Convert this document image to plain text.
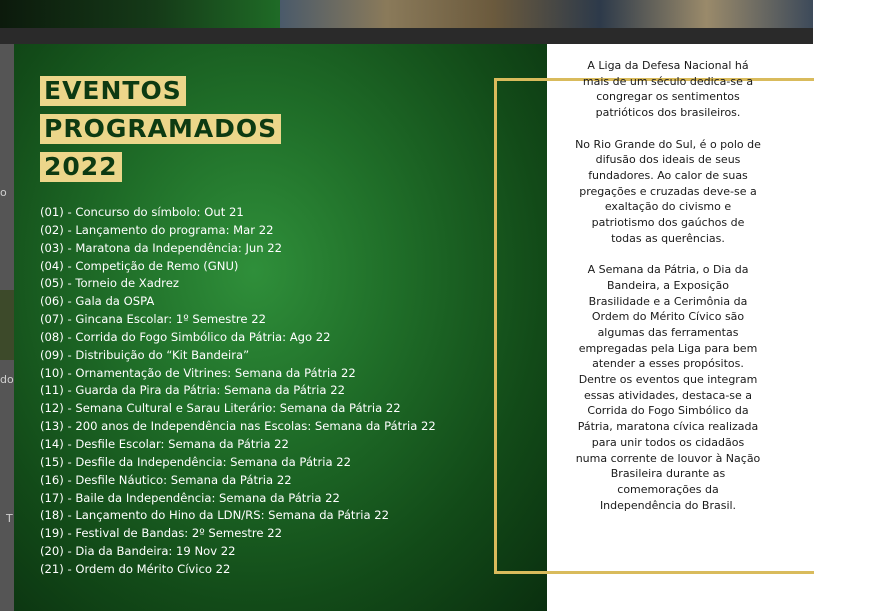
o
do
T
EVENTOS
PROGRAMADOS
2022
(01) - Concurso do símbolo: Out 21
(02) - Lançamento do programa: Mar 22
(03) - Maratona da Independência: Jun 22
(04) - Competição de Remo (GNU)
(05) - Torneio de Xadrez
(06) - Gala da OSPA
(07) - Gincana Escolar: 1º Semestre 22
(08) - Corrida do Fogo Simbólico da Pátria: Ago 22
(09) - Distribuição do “Kit Bandeira”
(10) - Ornamentação de Vitrines: Semana da Pátria 22
(11) - Guarda da Pira da Pátria: Semana da Pátria 22
(12) - Semana Cultural e Sarau Literário: Semana da Pátria 22
(13) - 200 anos de Independência nas Escolas: Semana da Pátria 22
(14) - Desfile Escolar: Semana da Pátria 22
(15) - Desfile da Independência: Semana da Pátria 22
(16) - Desfile Náutico: Semana da Pátria 22
(17) - Baile da Independência: Semana da Pátria 22
(18) - Lançamento do Hino da LDN/RS: Semana da Pátria 22
(19) - Festival de Bandas: 2º Semestre 22
(20) - Dia da Bandeira: 19 Nov 22
(21) - Ordem do Mérito Cívico 22

A Liga da Defesa Nacional há mais de um século dedica-se a congregar os sentimentos patrióticos dos brasileiros.

No Rio Grande do Sul, é o polo de difusão dos ideais de seus fundadores. Ao calor de suas pregações e cruzadas deve-se a exaltação do civismo e patriotismo dos gaúchos de todas as querências.

A Semana da Pátria, o Dia da Bandeira, a Exposição Brasilidade e a Cerimônia da Ordem do Mérito Cívico são algumas das ferramentas empregadas pela Liga para bem atender a esses propósitos. Dentre os eventos que integram essas atividades, destaca-se a Corrida do Fogo Simbólico da Pátria, maratona cívica realizada para unir todos os cidadãos numa corrente de louvor à Nação Brasileira durante as comemorações da Independência do Brasil.
